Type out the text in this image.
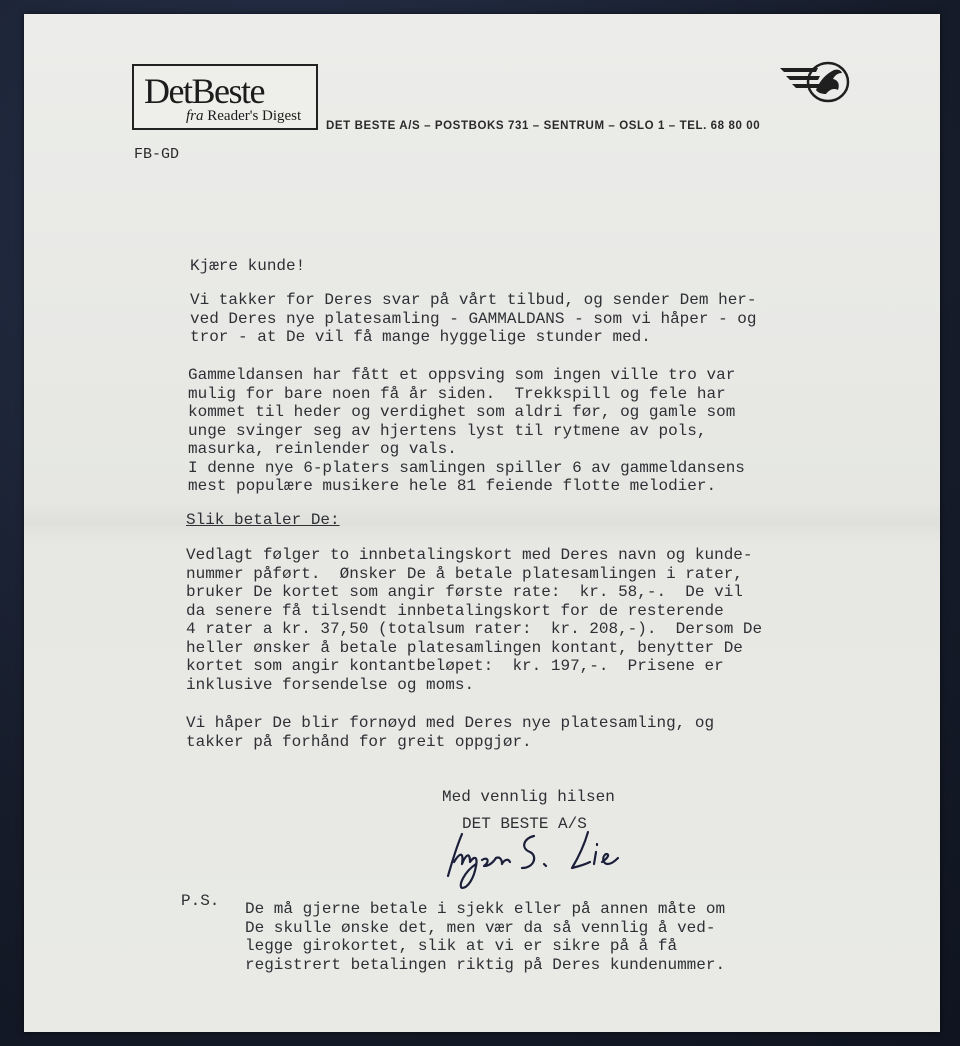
DetBeste
fra Reader's Digest
DET BESTE A/S – POSTBOKS 731 – SENTRUM – OSLO 1 – TEL. 68 80 00
FB-GD
Kjære kunde!
Vi takker for Deres svar på vårt tilbud, og sender Dem her-
ved Deres nye platesamling - GAMMALDANS - som vi håper - og
tror - at De vil få mange hyggelige stunder med.
Gammeldansen har fått et oppsving som ingen ville tro var
mulig for bare noen få år siden.  Trekkspill og fele har
kommet til heder og verdighet som aldri før, og gamle som
unge svinger seg av hjertens lyst til rytmene av pols,
masurka, reinlender og vals.
I denne nye 6-platers samlingen spiller 6 av gammeldansens
mest populære musikere hele 81 feiende flotte melodier.
Slik betaler De:
Vedlagt følger to innbetalingskort med Deres navn og kunde-
nummer påført.  Ønsker De å betale platesamlingen i rater,
bruker De kortet som angir første rate:  kr. 58,-.  De vil
da senere få tilsendt innbetalingskort for de resterende
4 rater a kr. 37,50 (totalsum rater:  kr. 208,-).  Dersom De
heller ønsker å betale platesamlingen kontant, benytter De
kortet som angir kontantbeløpet:  kr. 197,-.  Prisene er
inklusive forsendelse og moms.
Vi håper De blir fornøyd med Deres nye platesamling, og
takker på forhånd for greit oppgjør.
Med vennlig hilsen
DET BESTE A/S
P.S. De må gjerne betale i sjekk eller på annen måte om
De skulle ønske det, men vær da så vennlig å ved-
legge girokortet, slik at vi er sikre på å få
registrert betalingen riktig på Deres kundenummer.
